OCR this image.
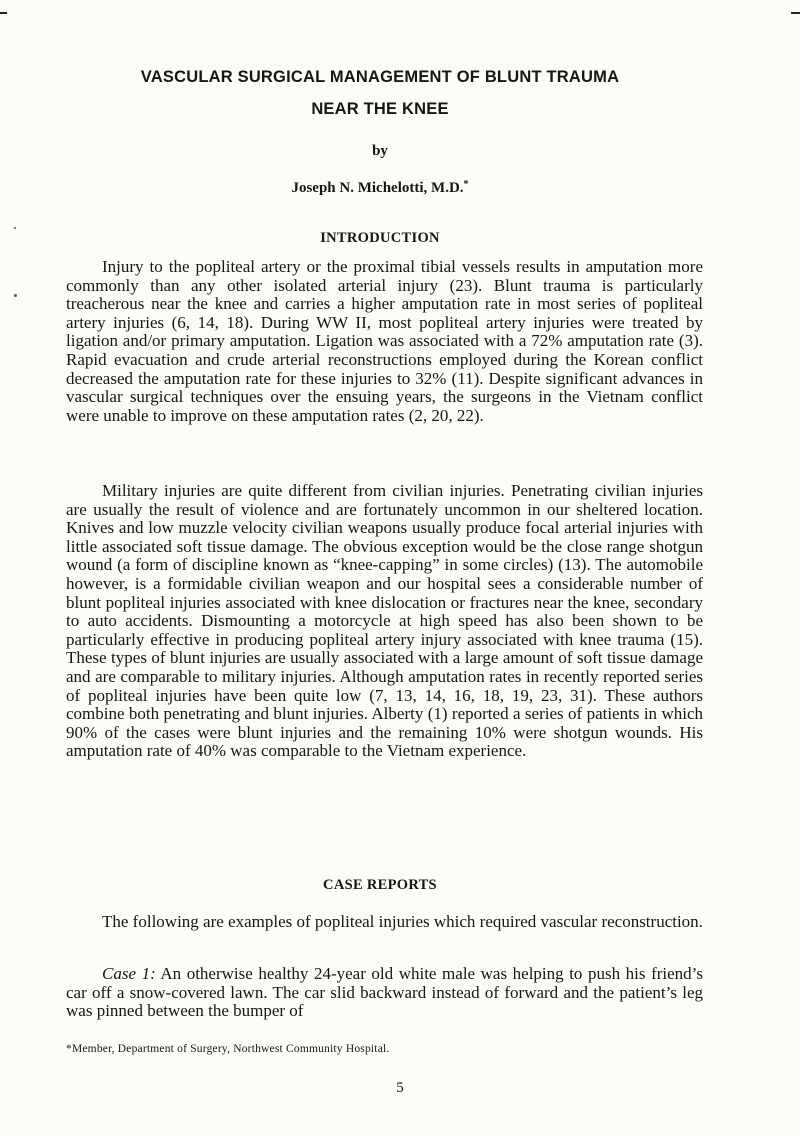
VASCULAR SURGICAL MANAGEMENT OF BLUNT TRAUMA
NEAR THE KNEE
by
Joseph N. Michelotti, M.D.*
INTRODUCTION

Injury to the popliteal artery or the proximal tibial vessels results in amputation more commonly than any other isolated arterial injury (23). Blunt trauma is particularly treacherous near the knee and carries a higher amputation rate in most series of popliteal artery injuries (6, 14, 18). During WW II, most popliteal artery injuries were treated by ligation and/or primary amputation. Ligation was associated with a 72% amputation rate (3). Rapid evacuation and crude arterial reconstructions employed during the Korean conflict decreased the amputation rate for these injuries to 32% (11). Despite significant advances in vascular surgical techniques over the ensuing years, the surgeons in the Vietnam conflict were unable to improve on these amputation rates (2, 20, 22).

Military injuries are quite different from civilian injuries. Penetrating civilian injuries are usually the result of violence and are fortunately uncommon in our sheltered location. Knives and low muzzle velocity civilian weapons usually produce focal arterial injuries with little associated soft tissue damage. The obvious exception would be the close range shotgun wound (a form of discipline known as “knee-capping” in some circles) (13). The automobile however, is a formidable civilian weapon and our hospital sees a considerable number of blunt popliteal injuries associated with knee dislocation or fractures near the knee, secondary to auto accidents. Dismounting a motorcycle at high speed has also been shown to be particularly effective in producing popliteal artery injury associated with knee trauma (15). These types of blunt injuries are usually associated with a large amount of soft tissue damage and are comparable to military injuries. Although amputation rates in recently reported series of popliteal injuries have been quite low (7, 13, 14, 16, 18, 19, 23, 31). These authors combine both penetrating and blunt injuries. Alberty (1) reported a series of patients in which 90% of the cases were blunt injuries and the remaining 10% were shotgun wounds. His amputation rate of 40% was comparable to the Vietnam experience.

CASE REPORTS

The following are examples of popliteal injuries which required vascular reconstruction.

Case 1: An otherwise healthy 24-year old white male was helping to push his friend’s car off a snow-covered lawn. The car slid backward instead of forward and the patient’s leg was pinned between the bumper of

*Member, Department of Surgery, Northwest Community Hospital.
5
